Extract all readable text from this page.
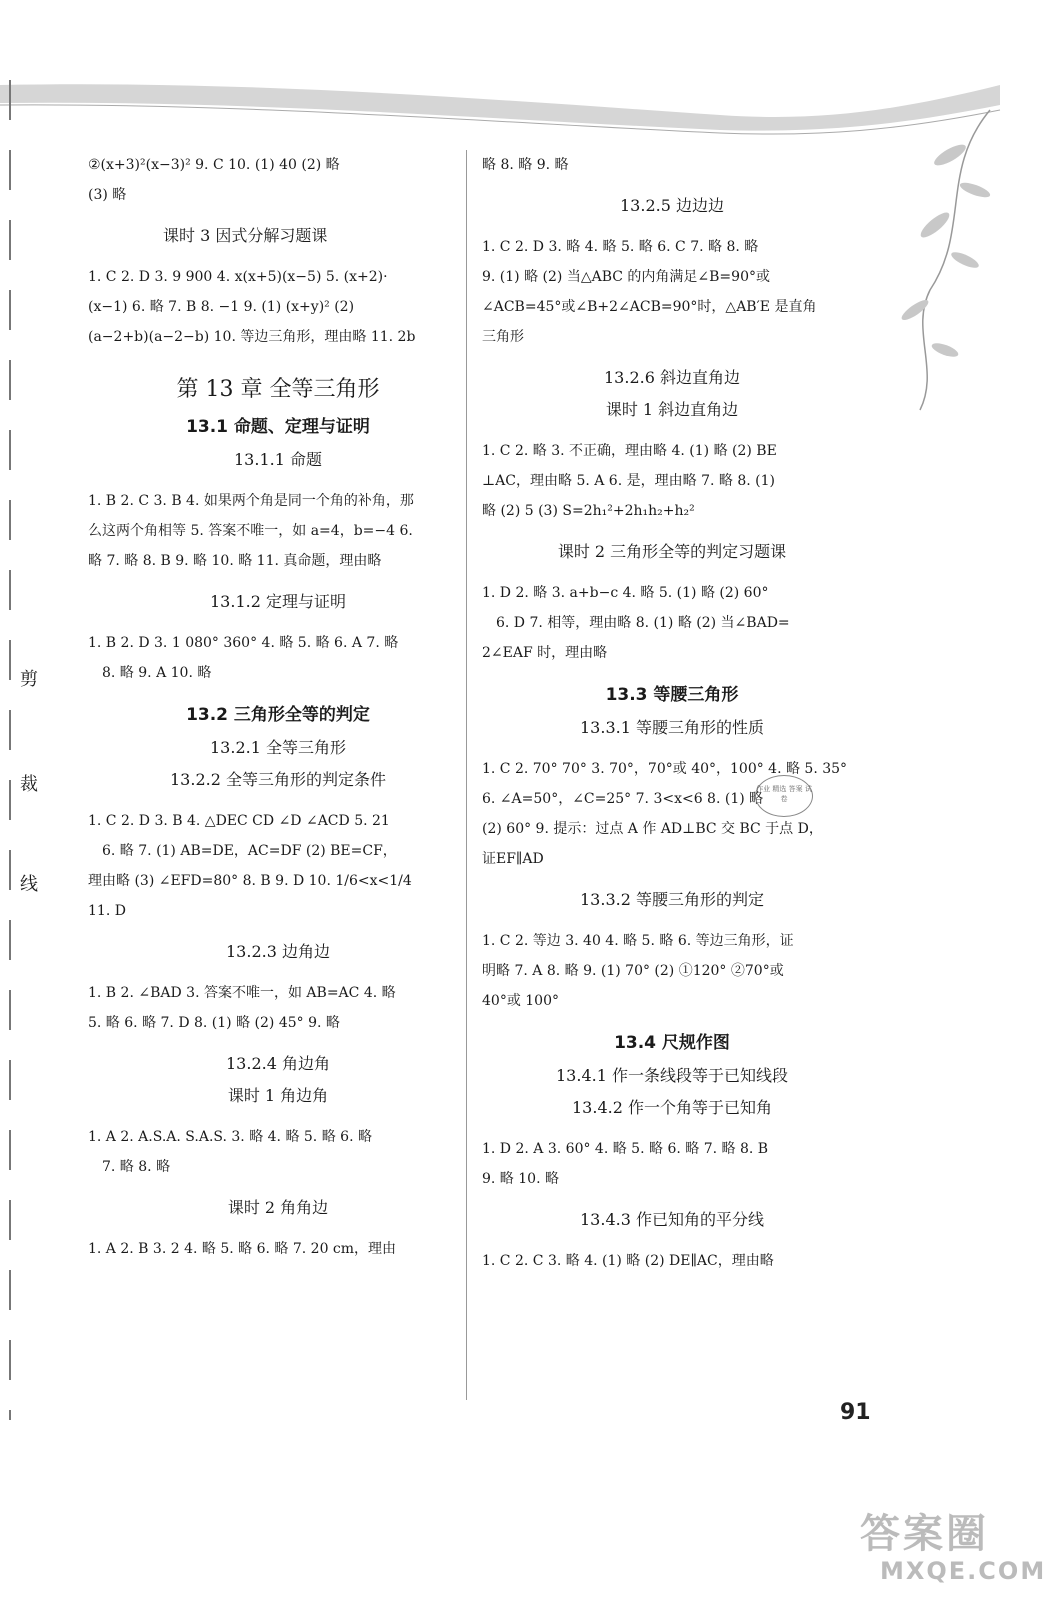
剪
裁
线
②(x+3)²(x−3)² 9. C 10. (1) 40 (2) 略
(3) 略
课时 3 因式分解习题课
1. C 2. D 3. 9 900 4. x(x+5)(x−5) 5. (x+2)·
(x−1) 6. 略 7. B 8. −1 9. (1) (x+y)² (2)
(a−2+b)(a−2−b) 10. 等边三角形，理由略 11. 2b
第 13 章 全等三角形
13.1 命题、定理与证明
13.1.1 命题
1. B 2. C 3. B 4. 如果两个角是同一个角的补角，那
么这两个角相等 5. 答案不唯一，如 a=4，b=−4 6.
略 7. 略 8. B 9. 略 10. 略 11. 真命题，理由略
13.1.2 定理与证明
1. B 2. D 3. 1 080° 360° 4. 略 5. 略 6. A 7. 略
8. 略 9. A 10. 略
13.2 三角形全等的判定
13.2.1 全等三角形
13.2.2 全等三角形的判定条件
1. C 2. D 3. B 4. △DEC CD ∠D ∠ACD 5. 21
6. 略 7. (1) AB=DE，AC=DF (2) BE=CF，
理由略 (3) ∠EFD=80° 8. B 9. D 10. 1/6<x<1/4
11. D
13.2.3 边角边
1. B 2. ∠BAD 3. 答案不唯一，如 AB=AC 4. 略
5. 略 6. 略 7. D 8. (1) 略 (2) 45° 9. 略
13.2.4 角边角
课时 1 角边角
1. A 2. A.S.A. S.A.S. 3. 略 4. 略 5. 略 6. 略
7. 略 8. 略
课时 2 角角边
1. A 2. B 3. 2 4. 略 5. 略 6. 略 7. 20 cm，理由
略 8. 略 9. 略
13.2.5 边边边
1. C 2. D 3. 略 4. 略 5. 略 6. C 7. 略 8. 略
9. (1) 略 (2) 当△ABC 的内角满足∠B=90°或
∠ACB=45°或∠B+2∠ACB=90°时，△AB′E 是直角
三角形
13.2.6 斜边直角边
课时 1 斜边直角边
1. C 2. 略 3. 不正确，理由略 4. (1) 略 (2) BE
⊥AC，理由略 5. A 6. 是，理由略 7. 略 8. (1)
略 (2) 5 (3) S=2h₁²+2h₁h₂+h₂²
课时 2 三角形全等的判定习题课
1. D 2. 略 3. a+b−c 4. 略 5. (1) 略 (2) 60°
6. D 7. 相等，理由略 8. (1) 略 (2) 当∠BAD=
2∠EAF 时，理由略
13.3 等腰三角形
13.3.1 等腰三角形的性质
1. C 2. 70° 70° 3. 70°，70°或 40°，100° 4. 略 5. 35°
6. ∠A=50°，∠C=25° 7. 3<x<6 8. (1) 略
(2) 60° 9. 提示：过点 A 作 AD⊥BC 交 BC 于点 D，
证EF∥AD
13.3.2 等腰三角形的判定
1. C 2. 等边 3. 40 4. 略 5. 略 6. 等边三角形，证
明略 7. A 8. 略 9. (1) 70° (2) ①120° ②70°或
40°或 100°
13.4 尺规作图
13.4.1 作一条线段等于已知线段
13.4.2 作一个角等于已知角
1. D 2. A 3. 60° 4. 略 5. 略 6. 略 7. 略 8. B
9. 略 10. 略
13.4.3 作已知角的平分线
1. C 2. C 3. 略 4. (1) 略 (2) DE∥AC，理由略
作业 精选 答案 试卷
91
答案圈
MXQE.COM
